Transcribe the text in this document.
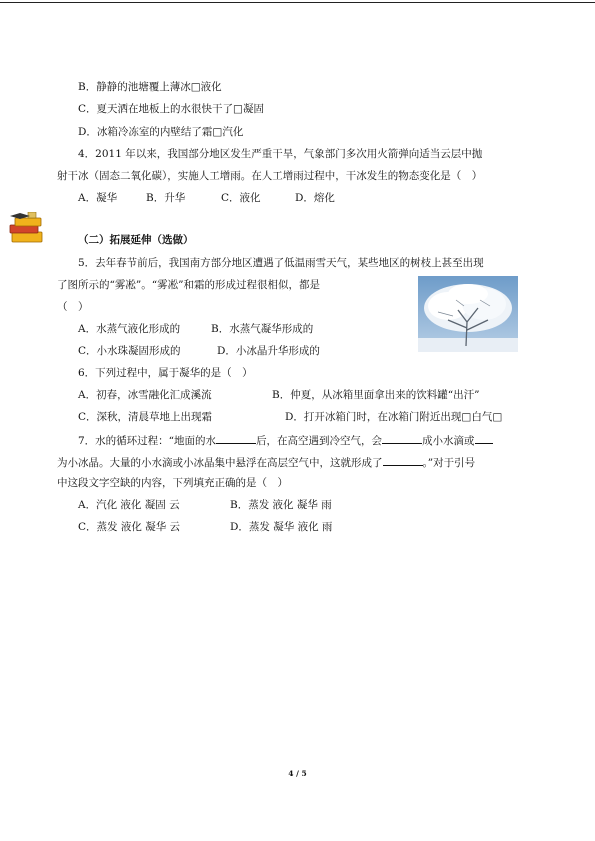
B．静静的池塘覆上薄冰□液化
C．夏天洒在地板上的水很快干了□凝固
D．冰箱冷冻室的内壁结了霜□汽化
4．2011 年以来，我国部分地区发生严重干旱，气象部门多次用火箭弹向适当云层中抛
射干冰（固态二氧化碳），实施人工增雨。在人工增雨过程中，干冰发生的物态变化是（　）
A．凝华	B．升华	C．液化	D．熔化
（二）拓展延伸（选做）
5．去年春节前后，我国南方部分地区遭遇了低温雨雪天气，某些地区的树枝上甚至出现
了图所示的“雾凇”。“雾凇”和霜的形成过程很相似，都是
（　）
A．水蒸气液化形成的	B．水蒸气凝华形成的
C．小水珠凝固形成的	D．小冰晶升华形成的
6．下列过程中，属于凝华的是（　）
A．初春，冰雪融化汇成溪流	B．仲夏，从冰箱里面拿出来的饮料罐“出汗”
C．深秋，清晨草地上出现霜	D．打开冰箱门时，在冰箱门附近出现□白气□
7．水的循环过程：“地面的水	后，在高空遇到冷空气，会	成小水滴或
为小冰晶。大量的小水滴或小冰晶集中悬浮在高层空气中，这就形成了	。”对于引号
中这段文字空缺的内容，下列填充正确的是（　）
A．汽化 液化 凝固 云	B．蒸发 液化 凝华 雨
C．蒸发 液化 凝华 云	D．蒸发 凝华 液化 雨
4 / 5
